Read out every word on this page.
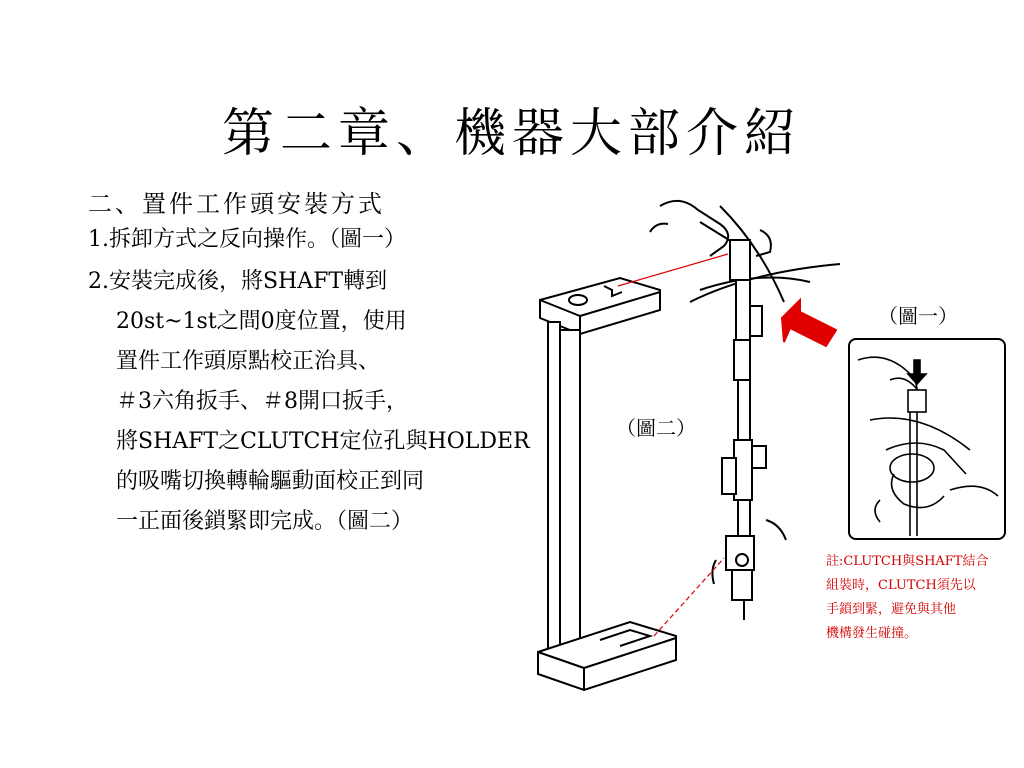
第二章、機器大部介紹
二、置件工作頭安裝方式
1.拆卸方式之反向操作。（圖一）
2.安裝完成後，將SHAFT轉到
20st~1st之間0度位置，使用
置件工作頭原點校正治具、
＃3六角扳手、＃8開口扳手，
將SHAFT之CLUTCH定位孔與HOLDER
的吸嘴切換轉輪驅動面校正到同
一正面後鎖緊即完成。（圖二）
（圖一）
（圖二）
註:CLUTCH與SHAFT結合
組裝時，CLUTCH須先以
手鎖到緊，避免與其他
機構發生碰撞。
